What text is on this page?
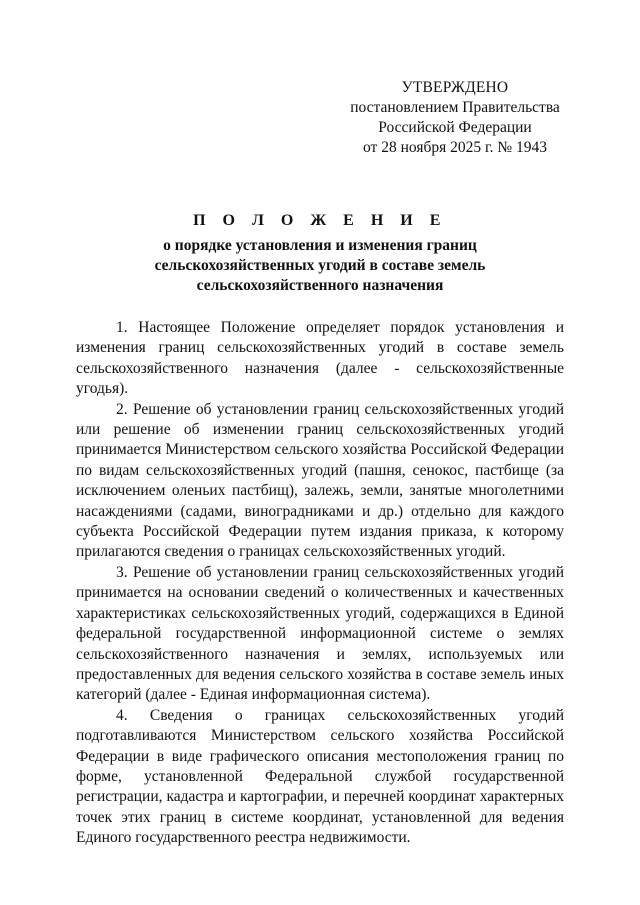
УТВЕРЖДЕНО
постановлением Правительства
Российской Федерации
от 28 ноября 2025 г. № 1943
П О Л О Ж Е Н И Е
о порядке установления и изменения границ
сельскохозяйственных угодий в составе земель
сельскохозяйственного назначения

1. Настоящее Положение определяет порядок установления и изменения границ сельскохозяйственных угодий в составе земель сельскохозяйственного назначения (далее - сельскохозяйственные угодья).

2. Решение об установлении границ сельскохозяйственных угодий или решение об изменении границ сельскохозяйственных угодий принимается Министерством сельского хозяйства Российской Федерации по видам сельскохозяйственных угодий (пашня, сенокос, пастбище (за исключением оленьих пастбищ), залежь, земли, занятые многолетними насаждениями (садами, виноградниками и др.) отдельно для каждого субъекта Российской Федерации путем издания приказа, к которому прилагаются сведения о границах сельскохозяйственных угодий.

3. Решение об установлении границ сельскохозяйственных угодий принимается на основании сведений о количественных и качественных характеристиках сельскохозяйственных угодий, содержащихся в Единой федеральной государственной информационной системе о землях сельскохозяйственного назначения и землях, используемых или предоставленных для ведения сельского хозяйства в составе земель иных категорий (далее - Единая информационная система).

4. Сведения о границах сельскохозяйственных угодий подготавливаются Министерством сельского хозяйства Российской Федерации в виде графического описания местоположения границ по форме, установленной Федеральной службой государственной регистрации, кадастра и картографии, и перечней координат характерных точек этих границ в системе координат, установленной для ведения Единого государственного реестра недвижимости.
